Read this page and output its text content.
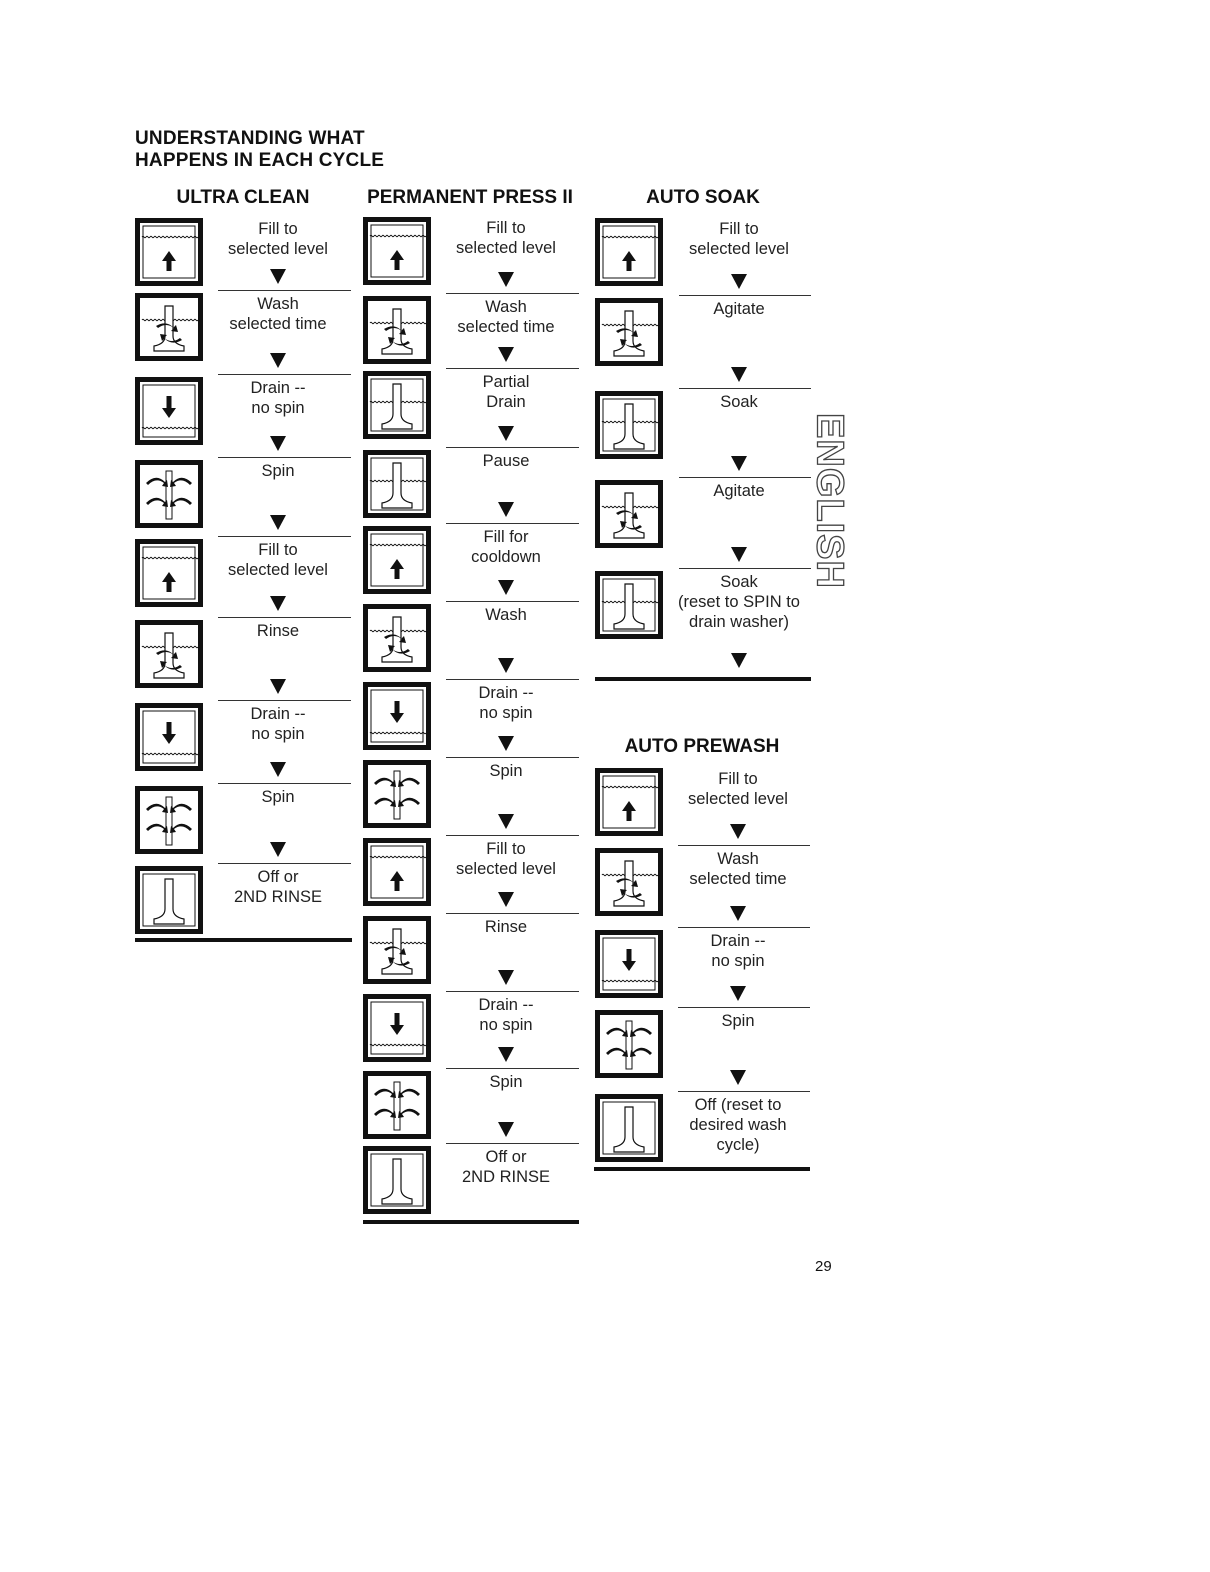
UNDERSTANDING WHAT
HAPPENS IN EACH CYCLE
ULTRA CLEAN
Fill to
selected level
Wash
selected time
Drain --
no spin
Spin
Fill to
selected level
Rinse
Drain --
no spin
Spin
Off or
2ND RINSE
PERMANENT PRESS II
Fill to
selected level
Wash
selected time
Partial
Drain
Pause
Fill for
cooldown
Wash
Drain --
no spin
Spin
Fill to
selected level
Rinse
Drain --
no spin
Spin
Off or
2ND RINSE
AUTO SOAK
Fill to
selected level
Agitate
Soak
Agitate
Soak
(reset to SPIN to
drain washer)
AUTO PREWASH
Fill to
selected level
Wash
selected time
Drain --
no spin
Spin
Off (reset to
desired wash
cycle)
ENGLISH
29
